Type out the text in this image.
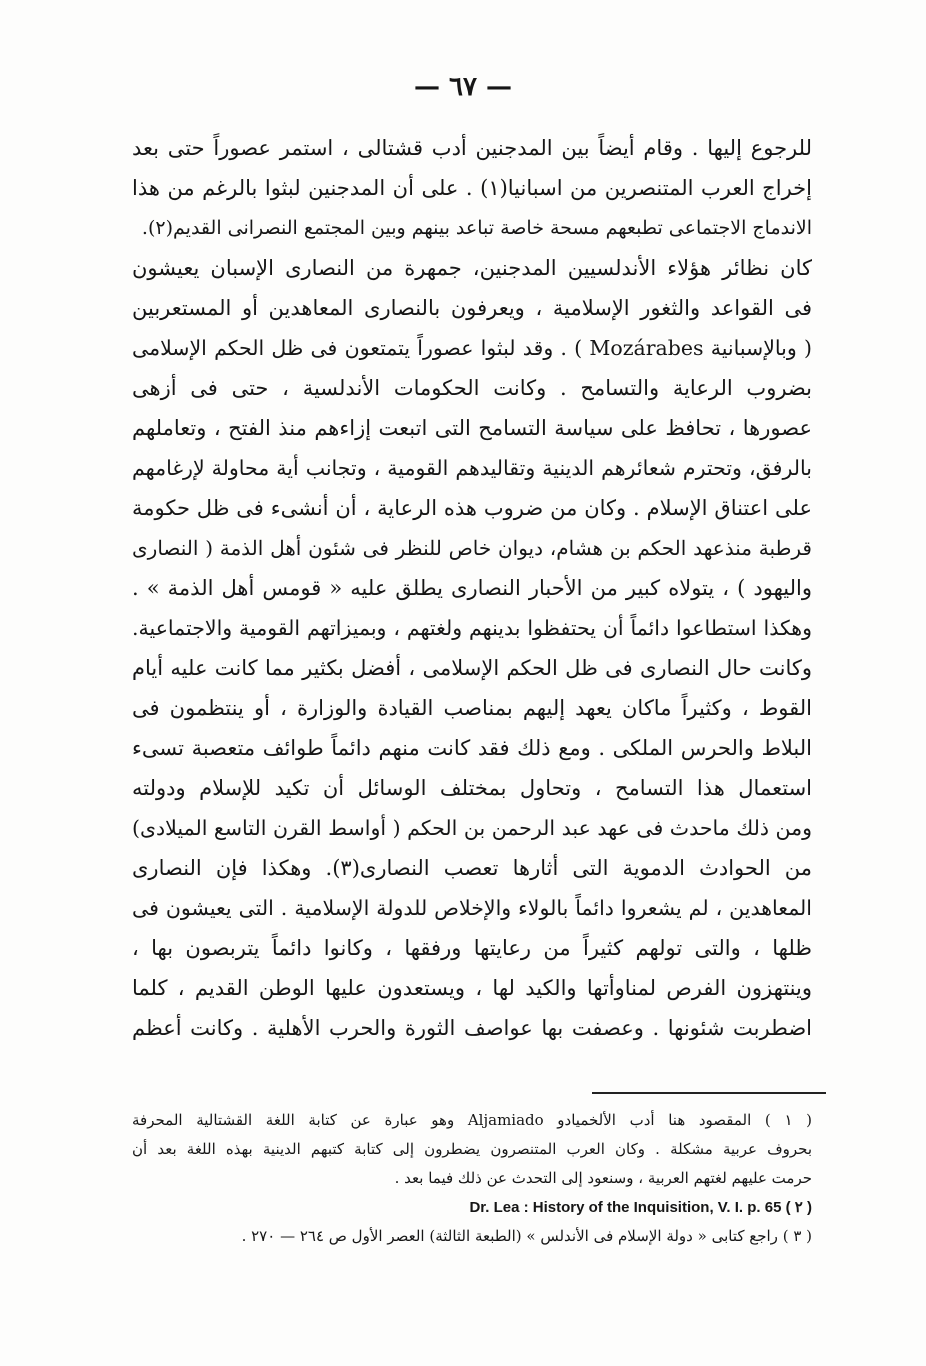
— ٦٧ —
للرجوع إليها . وقام أيضاً بين المدجنين أدب قشتالى ، استمر عصوراً حتى بعد
إخراج العرب المتنصرين من اسبانيا(١) . على أن المدجنين لبثوا بالرغم من هذا
الاندماج الاجتماعى تطبعهم مسحة خاصة تباعد بينهم وبين المجتمع النصرانى القديم(٢).
كان نظائر هؤلاء الأندلسيين المدجنين، جمهرة من النصارى الإسبان يعيشون
فى القواعد والثغور الإسلامية ، ويعرفون بالنصارى المعاهدين أو المستعربين
( وبالإسبانية Mozárabes ) . وقد لبثوا عصوراً يتمتعون فى ظل الحكم الإسلامى
بضروب الرعاية والتسامح . وكانت الحكومات الأندلسية ، حتى فى أزهى
عصورها ، تحافظ على سياسة التسامح التى اتبعت إزاءهم منذ الفتح ، وتعاملهم
بالرفق، وتحترم شعائرهم الدينية وتقاليدهم القومية ، وتجانب أية محاولة لإرغامهم
على اعتناق الإسلام . وكان من ضروب هذه الرعاية ، أن أنشىء فى ظل حكومة
قرطبة منذعهد الحكم بن هشام، ديوان خاص للنظر فى شئون أهل الذمة ( النصارى
واليهود ) ، يتولاه كبير من الأحبار النصارى يطلق عليه « قومس أهل الذمة » .
وهكذا استطاعوا دائماً أن يحتفظوا بدينهم ولغتهم ، وبميزاتهم القومية والاجتماعية.
وكانت حال النصارى فى ظل الحكم الإسلامى ، أفضل بكثير مما كانت عليه أيام
القوط ، وكثيراً ماكان يعهد إليهم بمناصب القيادة والوزارة ، أو ينتظمون فى
البلاط والحرس الملكى . ومع ذلك فقد كانت منهم دائماً طوائف متعصبة تسىء
استعمال هذا التسامح ، وتحاول بمختلف الوسائل أن تكيد للإسلام ودولته
ومن ذلك ماحدث فى عهد عبد الرحمن بن الحكم ( أواسط القرن التاسع الميلادى)
من الحوادث الدموية التى أثارها تعصب النصارى(٣). وهكذا فإن النصارى
المعاهدين ، لم يشعروا دائماً بالولاء والإخلاص للدولة الإسلامية . التى يعيشون فى
ظلها ، والتى تولهم كثيراً من رعايتها ورفقها ، وكانوا دائماً يتربصون بها ،
وينتهزون الفرص لمناوأتها والكيد لها ، ويستعدون عليها الوطن القديم ، كلما
اضطربت شئونها . وعصفت بها عواصف الثورة والحرب الأهلية . وكانت أعظم
( ١ ) المقصود هنا أدب الألخميادو Aljamiado وهو عبارة عن كتابة اللغة القشتالية المحرفة
بحروف عربية مشكلة . وكان العرب المتنصرون يضطرون إلى كتابة كتبهم الدينية بهذه اللغة بعد أن
حرمت عليهم لغتهم العربية ، وسنعود إلى التحدث عن ذلك فيما بعد .
Dr. Lea : History of the Inquisition, V. I. p. 65 ( ٢ )
( ٣ ) راجع كتابى « دولة الإسلام فى الأندلس » (الطبعة الثالثة) العصر الأول ص ٢٦٤ — ٢٧٠ .
